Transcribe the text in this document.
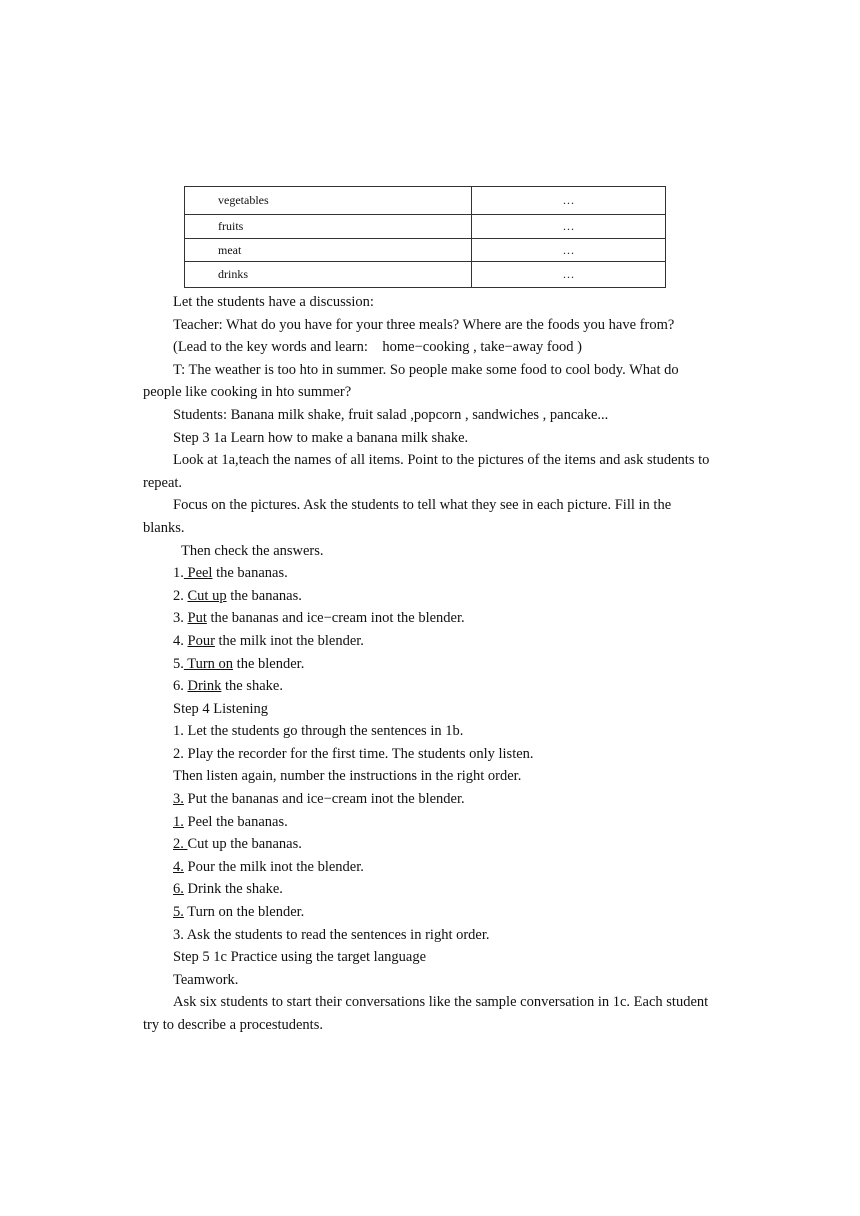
vegetables	…
fruits	…
meat	…
drinks	…

Let the students have a discussion:

Teacher: What do you have for your three meals? Where are the foods you have from?

(Lead to the key words and learn:    home−cooking , take−away food )

T: The weather is too hto in summer. So people make some food to cool body. What do people like cooking in hto summer?

Students: Banana milk shake, fruit salad ,popcorn , sandwiches , pancake...

Step 3 1a Learn how to make a banana milk shake.

Look at 1a,teach the names of all items. Point to the pictures of the items and ask students to repeat.

Focus on the pictures. Ask the students to tell what they see in each picture. Fill in the blanks.

Then check the answers.

1. Peel the bananas.

2. Cut up the bananas.

3. Put the bananas and ice−cream inot the blender.

4. Pour the milk inot the blender.

5. Turn on the blender.

6. Drink the shake.

Step 4 Listening

1. Let the students go through the sentences in 1b.

2. Play the recorder for the first time. The students only listen.

Then listen again, number the instructions in the right order.

3. Put the bananas and ice−cream inot the blender.

1. Peel the bananas.

2. Cut up the bananas.

4. Pour the milk inot the blender.

6. Drink the shake.

5. Turn on the blender.

3. Ask the students to read the sentences in right order.

Step 5 1c Practice using the target language

Teamwork.

Ask six students to start their conversations like the sample conversation in 1c. Each student try to describe a procestudents.
